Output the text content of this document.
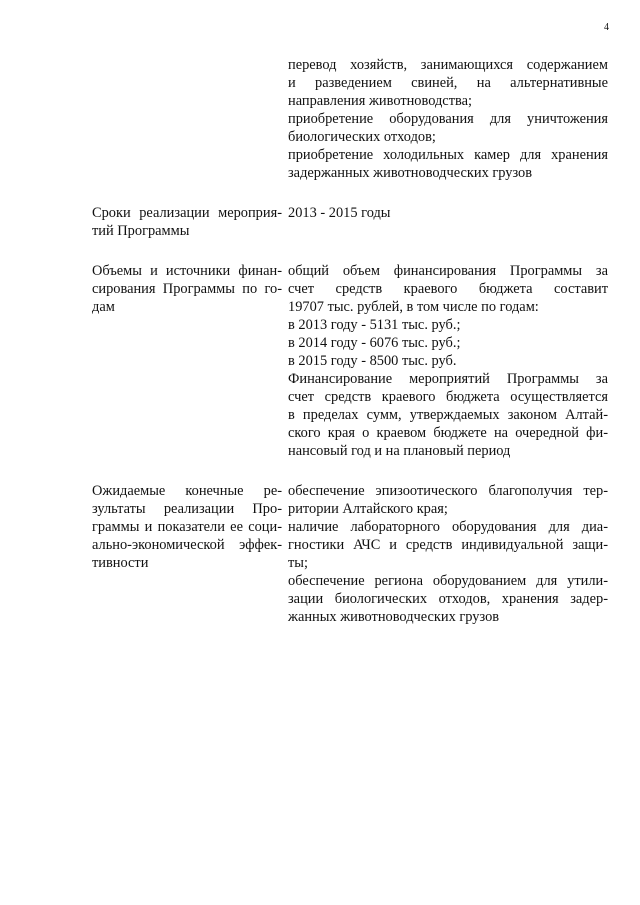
4
перевод хозяйств, занимающихся содержанием
и разведением свиней, на альтернативные
направления животноводства;
приобретение оборудования для уничтожения
биологических отходов;
приобретение холодильных камер для хранения
задержанных животноводческих грузов
Сроки реализации мероприя-
тий Программы
2013 - 2015 годы
Объемы и источники финан-
сирования Программы по го-
дам
общий объем финансирования Программы за
счет средств краевого бюджета составит
19707 тыс. рублей, в том числе по годам:
в 2013 году - 5131 тыс. руб.;
в 2014 году - 6076 тыс. руб.;
в 2015 году - 8500 тыс. руб.
Финансирование мероприятий Программы за
счет средств краевого бюджета осуществляется
в пределах сумм, утверждаемых законом Алтай-
ского края о краевом бюджете на очередной фи-
нансовый год и на плановый период
Ожидаемые конечные ре-
зультаты реализации Про-
граммы и показатели ее соци-
ально-экономической эффек-
тивности
обеспечение эпизоотического благополучия тер-
ритории Алтайского края;
наличие лабораторного оборудования для диа-
гностики АЧС и средств индивидуальной защи-
ты;
обеспечение региона оборудованием для утили-
зации биологических отходов, хранения задер-
жанных животноводческих грузов
